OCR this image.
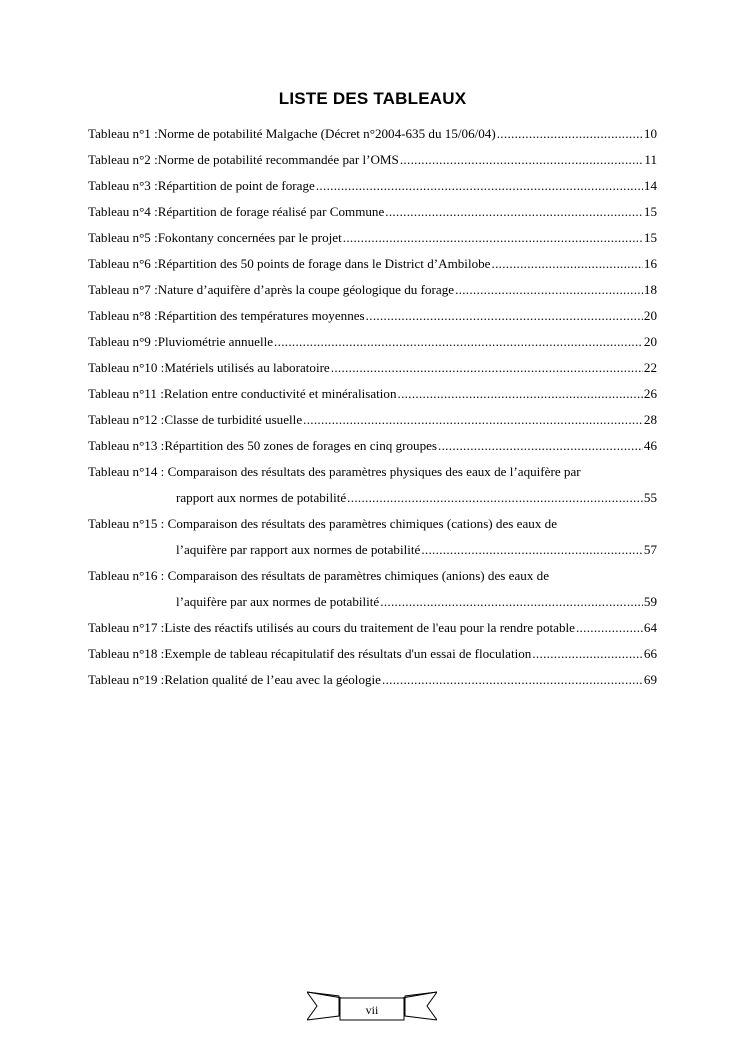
LISTE DES TABLEAUX
Tableau n°1 : Norme de potabilité Malgache (Décret n°2004-635 du 15/06/04) .....	10
Tableau n°2 : Norme de potabilité recommandée par l’OMS .....	11
Tableau n°3 : Répartition de point de forage .....	14
Tableau n°4 : Répartition de forage réalisé par Commune .....	15
Tableau n°5 : Fokontany concernées par le projet .....	15
Tableau n°6 : Répartition des 50 points de forage dans le District d’Ambilobe .....	16
Tableau n°7 : Nature d’aquifère d’après la coupe géologique du forage .....	18
Tableau n°8 : Répartition des températures moyennes .....	20
Tableau n°9 : Pluviométrie annuelle .....	20
Tableau n°10 : Matériels utilisés au laboratoire .....	22
Tableau n°11 : Relation entre conductivité et minéralisation .....	26
Tableau n°12 : Classe de turbidité usuelle .....	28
Tableau n°13 : Répartition des 50 zones de forages en cinq groupes .....	46
Tableau n°14 : Comparaison des résultats des paramètres physiques des eaux de l’aquifère par
rapport aux normes de potabilité .....	55
Tableau n°15 : Comparaison des résultats des paramètres chimiques (cations) des eaux de
l’aquifère par rapport aux normes de potabilité .....	57
Tableau n°16 : Comparaison des résultats de paramètres chimiques (anions) des eaux de
l’aquifère par aux normes de potabilité .....	59
Tableau n°17 : Liste des réactifs utilisés au cours du traitement de l'eau pour la rendre potable .....	64
Tableau n°18 : Exemple de tableau récapitulatif des résultats d'un essai de floculation .....	66
Tableau n°19 : Relation qualité de l’eau avec la géologie .....	69
vii
